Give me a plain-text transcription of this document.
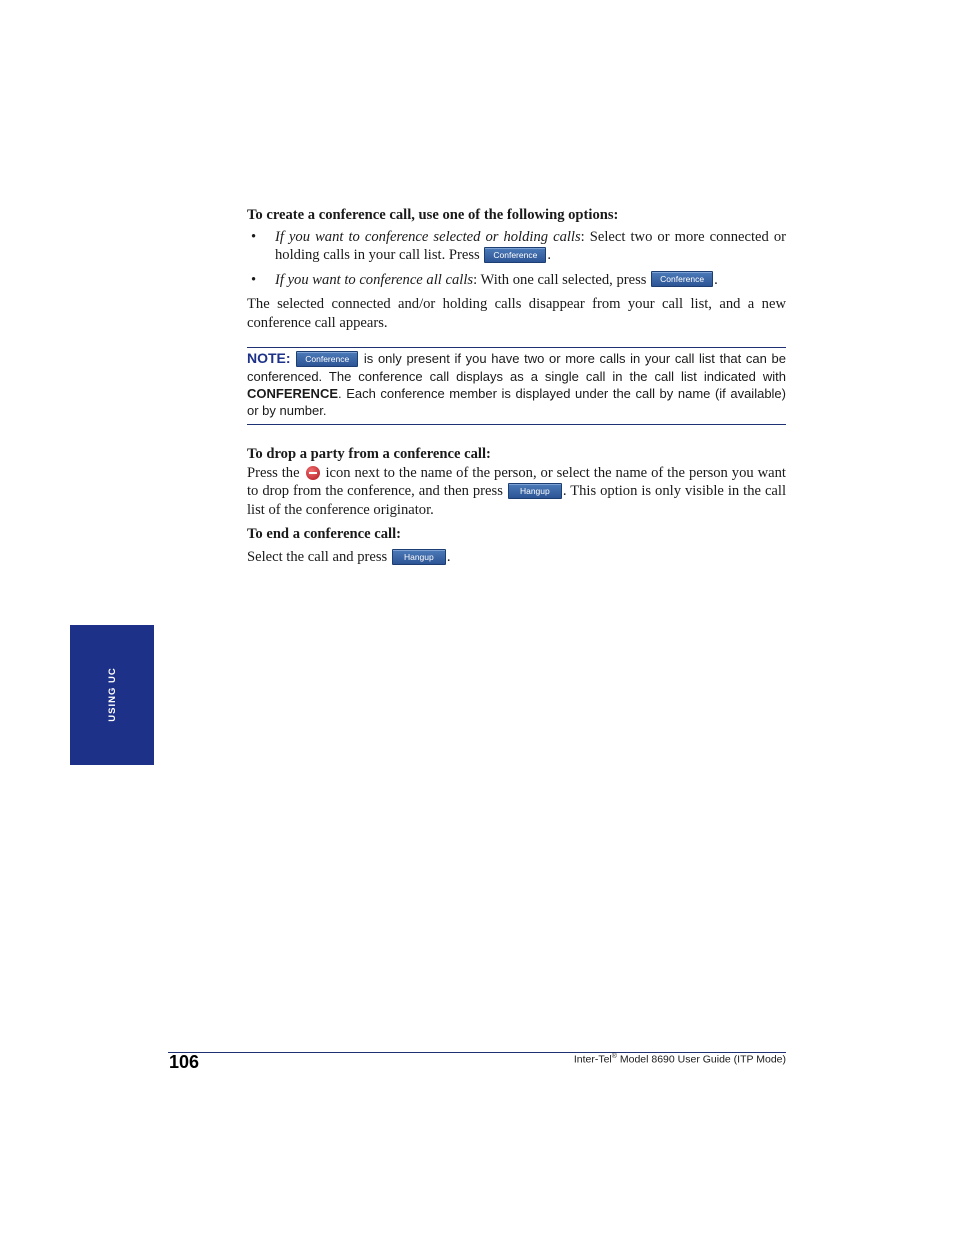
To create a conference call, use one of the following options:

• If you want to conference selected or holding calls: Select two or more connected or holding calls in your call list. Press Conference .
• If you want to conference all calls: With one call selected, press Conference .

The selected connected and/or holding calls disappear from your call list, and a new conference call appears.

NOTE: Conference is only present if you have two or more calls in your call list that can be conferenced. The conference call displays as a single call in the call list indicated with CONFERENCE. Each conference member is displayed under the call by name (if available) or by number.

To drop a party from a conference call:

Press the  icon next to the name of the person, or select the name of the person you want to drop from the conference, and then press Hangup . This option is only visible in the call list of the conference originator.

To end a conference call:

Select the call and press Hangup .

USING UC
106	Inter-Tel® Model 8690 User Guide (ITP Mode)
